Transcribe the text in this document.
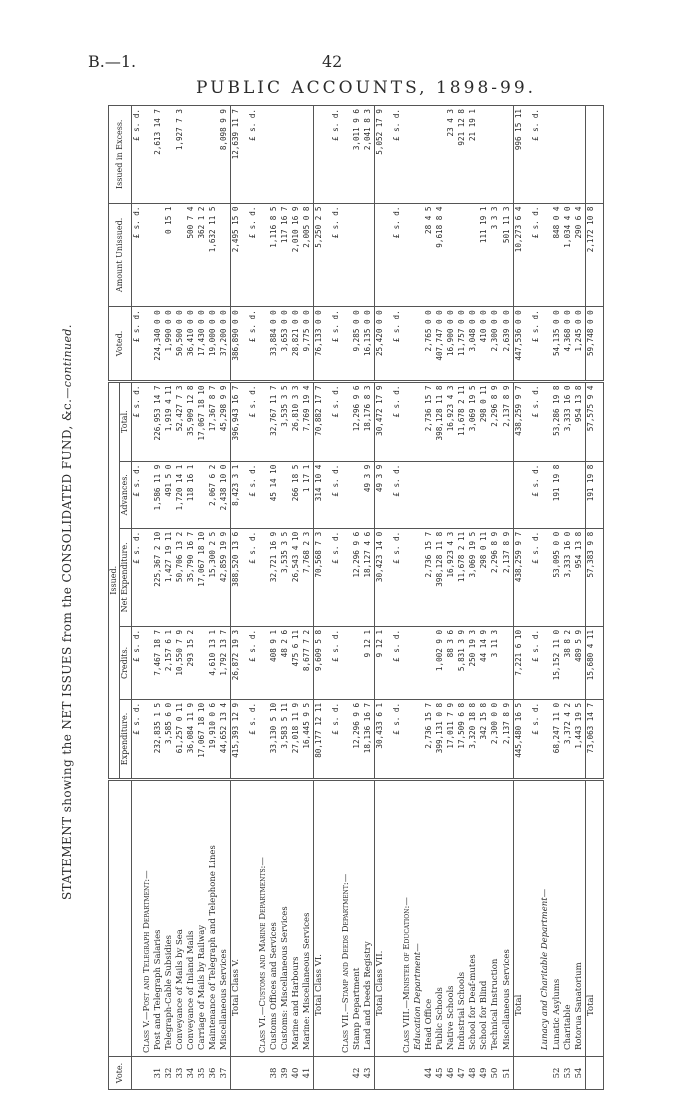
B.—1.	42
PUBLIC ACCOUNTS, 1898-99.
STATEMENT showing the NET ISSUES from the CONSOLIDATED FUND, &c.—continued.
Vote.		Issued.					Voted.	Amount Unissued.	Issued in Excess.
		Expenditure.	Credits.	Net Expenditure.	Advances.	Total.			
		£ s. d.	£ s. d.	£ s. d.	£ s. d.	£ s. d.	£ s. d.	£ s. d.	£ s. d.
	Class V.—Post and Telegraph Department:—								
31	Post and Telegraph Salaries	232,835 1 5	7,467 18 7	225,367 2 10	1,586 11 9	226,953 14 7	224,340 0 0		2,613 14 7
32	Telegraph-Cable Subsidies	3,585 6 0	2,157 6 1	1,427 19 11	491 5 0	1,919 4 11	1,990 0 0	0 15 1	
33	Conveyance of Mails by Sea	61,257 0 11	10,550 7 9	50,706 13 2	1,720 14 1	52,427 7 3	50,500 0 0		1,927 7 3
34	Conveyance of Inland Mails	36,084 11 9	293 15 2	35,790 16 7	118 16 1	35,909 12 8	36,410 0 0	500 7 4	
35	Carriage of Mails by Railway	17,067 18 10		17,067 18 10		17,067 18 10	17,430 0 0	362 1 2	
36	Maintenance of Telegraph and Telephone Lines	19,910 0 6	4,610 13 1	15,300 2 5	2,067 6 2	17,367 8 7	19,000 0 0	1,632 11 5	
37	Miscellaneous Services	44,652 13 4	1,792 13 7	42,859 19 9	2,438 10 0	45,298 9 9	37,200 0 0		8,098 9 9
	Total Class V.	415,393 12 9	26,872 19 3	388,520 13 6	8,423 3 1	396,943 16 7	386,890 0 0	2,495 15 0	12,639 11 7

		£ s. d.	£ s. d.	£ s. d.	£ s. d.	£ s. d.	£ s. d.	£ s. d.	£ s. d.
	Class VI.—Customs and Marine Departments:—								
38	Customs Offices and Services	33,130 5 10	408 9 1	32,721 16 9	45 14 10	32,767 11 7	33,884 0 0	1,116 8 5	
39	Customs: Miscellaneous Services	3,583 5 11	48 2 6	3,535 3 5		3,535 3 5	3,653 0 0	117 16 7	
40	Marine and Harbours	27,018 11 9	475 6 11	26,543 4 10	266 18 5	26,810 3 3	28,821 0 0	2,010 16 9	
41	Marine: Miscellaneous Services	16,445 9 5	8,677 7 2	7,768 2 3	1 17 1	7,769 19 4	9,775 0 0	2,005 0 8	
	Total Class VI.	80,177 12 11	9,609 5 8	70,568 7 3	314 10 4	70,882 17 7	76,133 0 0	5,250 2 5	

		£ s. d.	£ s. d.	£ s. d.	£ s. d.	£ s. d.	£ s. d.	£ s. d.	£ s. d.
	Class VII.—Stamp and Deeds Department:—								
42	Stamp Department	12,296 9 6		12,296 9 6		12,296 9 6	9,285 0 0		3,011 9 6
43	Land and Deeds Registry	18,136 16 7	9 12 1	18,127 4 6	49 3 9	18,176 8 3	16,135 0 0		2,041 8 3
	Total Class VII.	30,433 6 1	9 12 1	30,423 14 0	49 3 9	30,472 17 9	25,420 0 0		5,052 17 9

		£ s. d.	£ s. d.	£ s. d.	£ s. d.	£ s. d.	£ s. d.	£ s. d.	£ s. d.
	Class VIII.—Minister of Education:—								
	Education Department—								
44	Head Office	2,736 15 7		2,736 15 7		2,736 15 7	2,765 0 0	28 4 5	
45	Public Schools	399,131 0 8	1,002 9 0	398,128 11 8		398,128 11 8	407,747 0 0	9,618 8 4	
46	Native Schools	17,011 7 9	88 3 6	16,923 4 3		16,923 4 3	16,900 0 0		23 4 3
47	Industrial Schools	17,509 6 8	5,831 3 9	11,678 2 11		11,678 2 11	11,757 0 0		921 12 8
48	School for Deaf-mutes	3,320 18 8	250 19 3	3,069 19 5		3,069 19 5	3,048 0 0		21 19 1
49	School for Blind	342 15 8	44 14 9	298 0 11		298 0 11	410 0 0	111 19 1	
50	Technical Instruction	2,300 0 0	3 11 3	2,296 8 9		2,296 8 9	2,300 0 0	3 3 3	
51	Miscellaneous Services	2,137 8 9		2,137 8 9		2,137 8 9	2,639 0 0	501 11 3	
	Total	445,480 16 5	7,221 6 10	438,259 9 7		438,259 9 7	447,536 0 0	10,273 6 4	996 15 11

		£ s. d.	£ s. d.	£ s. d.	£ s. d.	£ s. d.	£ s. d.	£ s. d.	£ s. d.
	Lunacy and Charitable Department—								
52	Lunatic Asylums	68,247 11 0	15,152 11 0	53,095 0 0	191 19 8	53,286 19 8	54,135 0 0	848 0 4	
53	Charitable	3,372 4 2	38 8 2	3,333 16 0		3,333 16 0	4,368 0 0	1,034 4 0	
54	Rotorua Sanatorium	1,443 19 5	489 5 9	954 13 8		954 13 8	1,245 0 0	290 6 4	
	Total	73,063 14 7	15,680 4 11	57,383 9 8	191 19 8	57,575 9 4	59,748 0 0	2,172 10 8	
